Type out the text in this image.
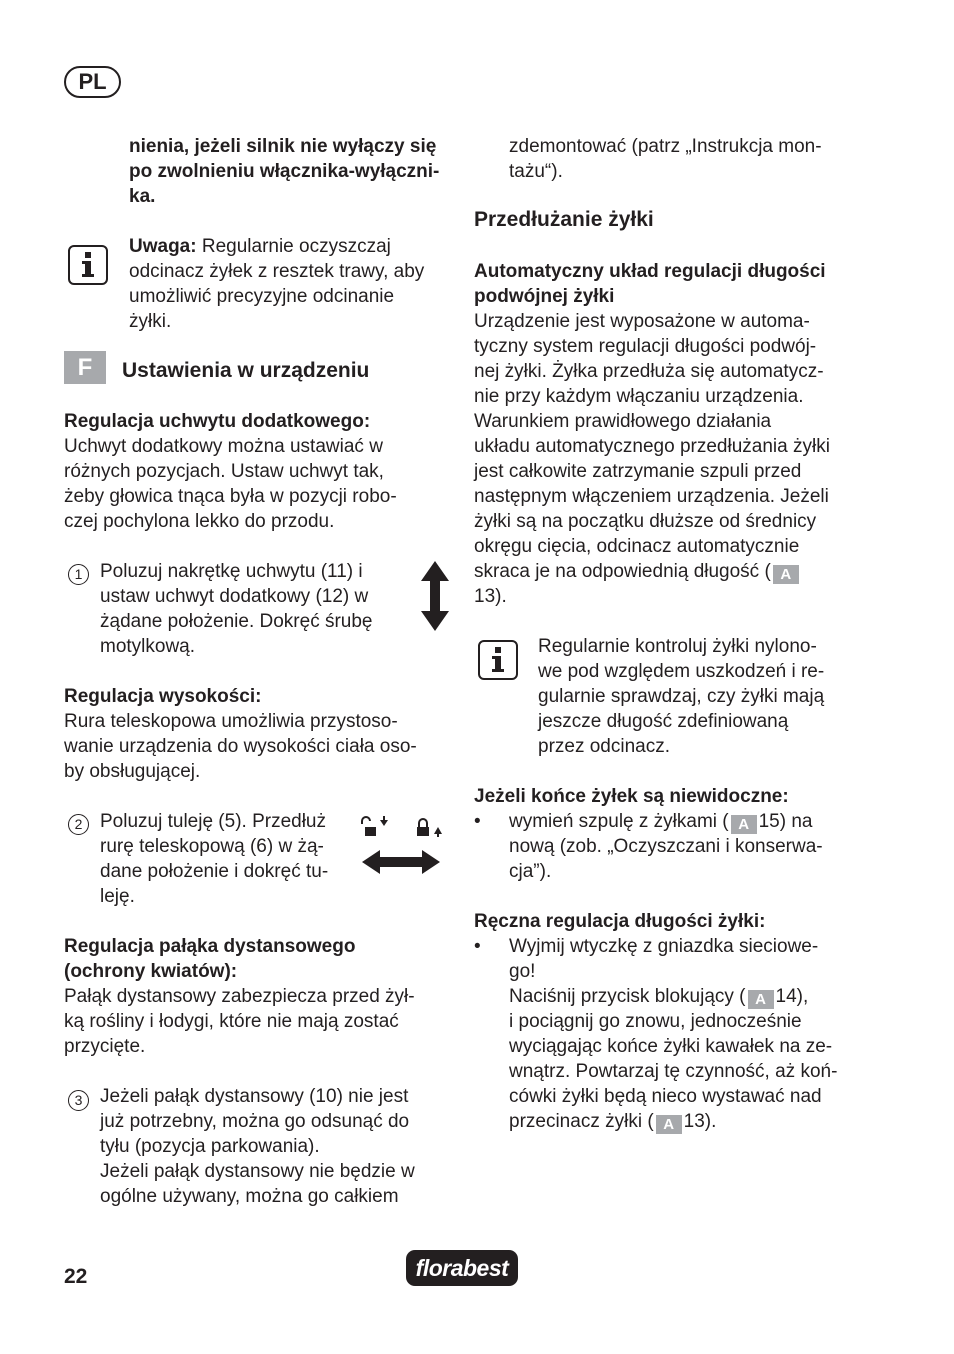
PL
nienia, jeżeli silnik nie wyłączy się
po zwolnieniu włącznika-wyłączni-
ka.
Uwaga: Regularnie oczyszczaj
odcinacz żyłek z resztek trawy, aby
umożliwić precyzyjne odcinanie
żyłki.
F	Ustawienia w urządzeniu
Regulacja uchwytu dodatkowego:
Uchwyt dodatkowy można ustawiać w
różnych pozycjach. Ustaw uchwyt tak,
żeby głowica tnąca była w pozycji robo-
czej pochylona lekko do przodu.
1 Poluzuj nakrętkę uchwytu (11) i
ustaw uchwyt dodatkowy (12) w
żądane położenie. Dokręć śrubę
motylkową.
Regulacja wysokości:
Rura teleskopowa umożliwia przystoso-
wanie urządzenia do wysokości ciała oso-
by obsługującej.
2 Poluzuj tuleję (5). Przedłuż
rurę teleskopową (6) w żą-
dane położenie i dokręć tu-
leję.
Regulacja pałąka dystansowego
(ochrony kwiatów):
Pałąk dystansowy zabezpiecza przed żył-
ką rośliny i łodygi, które nie mają zostać
przycięte.
3 Jeżeli pałąk dystansowy (10) nie jest
już potrzebny, można go odsunąć do
tyłu (pozycja parkowania).
Jeżeli pałąk dystansowy nie będzie w
ogólne używany, można go całkiem
zdemontować (patrz „Instrukcja mon-
tażu“).
Przedłużanie żyłki
Automatyczny układ regulacji długości
podwójnej żyłki
Urządzenie jest wyposażone w automa-
tyczny system regulacji długości podwój-
nej żyłki. Żyłka przedłuża się automatycz-
nie przy każdym włączaniu urządzenia.
Warunkiem prawidłowego działania
układu automatycznego przedłużania żyłki
jest całkowite zatrzymanie szpuli przed
następnym włączeniem urządzenia. Jeżeli
żyłki są na początku dłuższe od średnicy
okręgu cięcia, odcinacz automatycznie
skraca je na odpowiednią długość ( A
13).
Regularnie kontroluj żyłki nylono-
we pod względem uszkodzeń i re-
gularnie sprawdzaj, czy żyłki mają
jeszcze długość zdefiniowaną
przez odcinacz.
Jeżeli końce żyłek są niewidoczne:
• wymień szpulę z żyłkami ( A 15) na
nową (zob. „Oczyszczani i konserwa-
cja”).
Ręczna regulacja długości żyłki:
• Wyjmij wtyczkę z gniazdka sieciowe-
go!
Naciśnij przycisk blokujący ( A 14),
i pociągnij go znowu, jednocześnie
wyciągając końce żyłki kawałek na ze-
wnątrz. Powtarzaj tę czynność, aż koń-
cówki żyłki będą nieco wystawać nad
przecinacz żyłki ( A 13).
22	florabest
